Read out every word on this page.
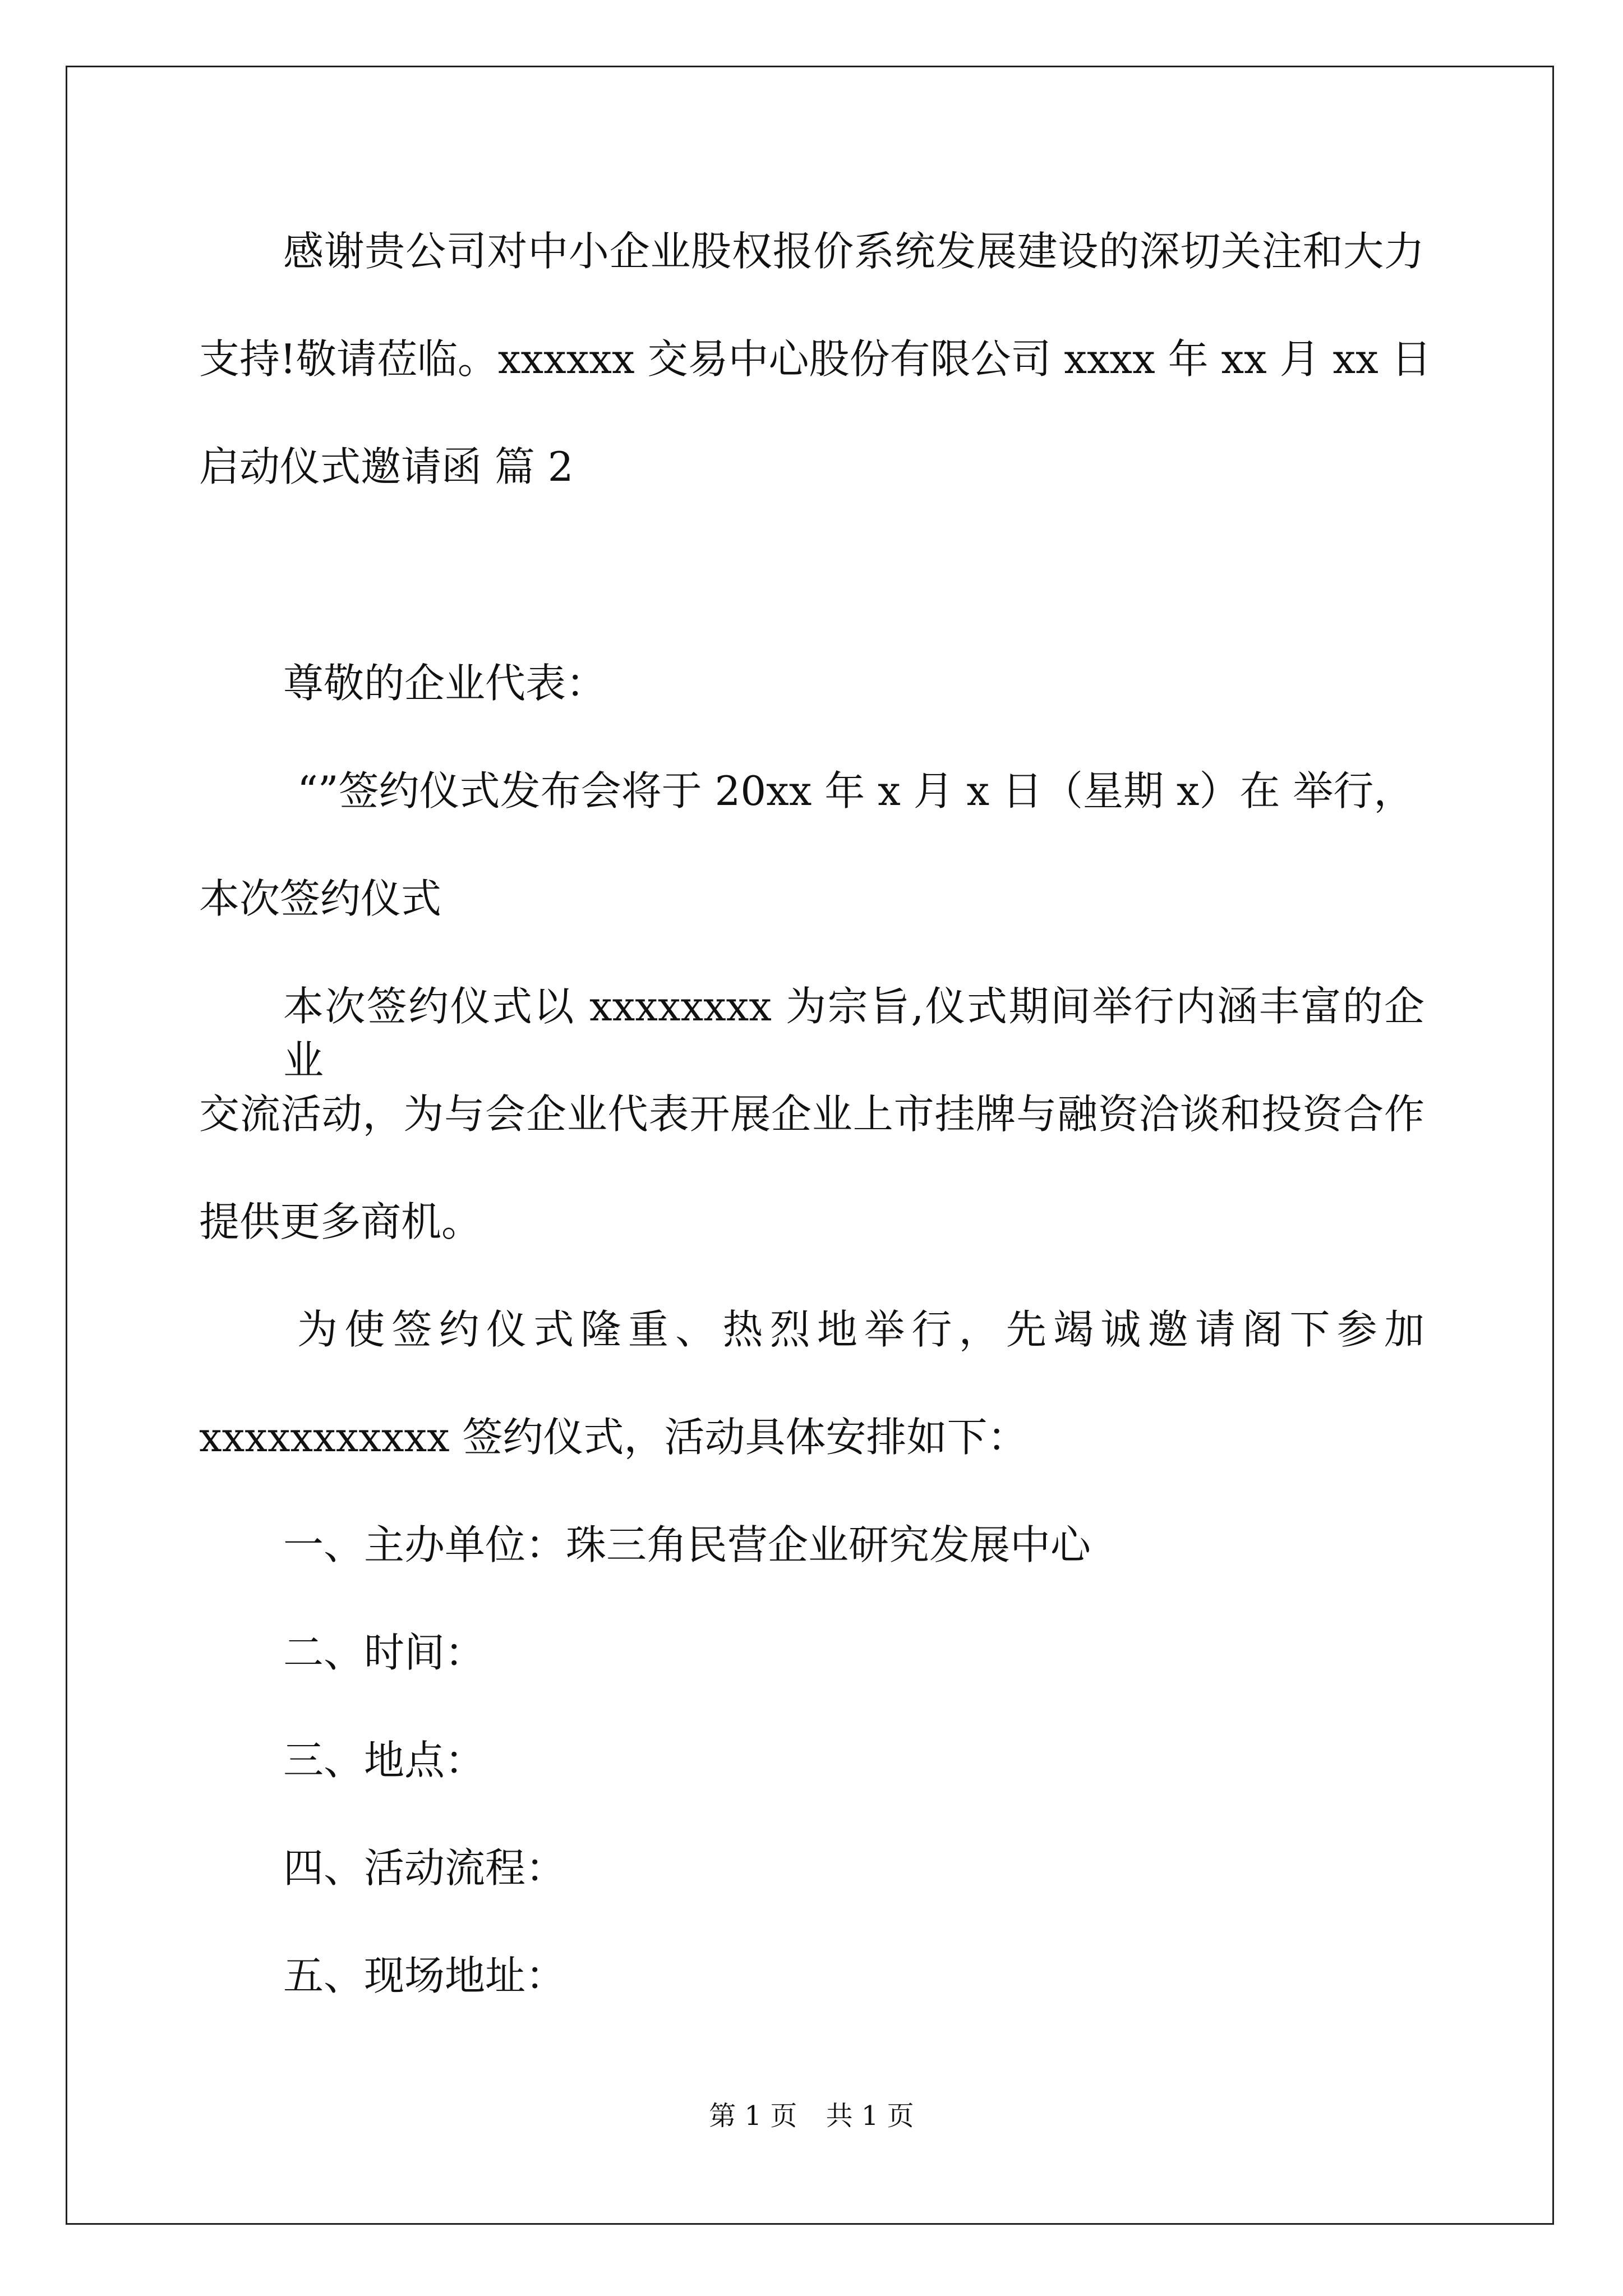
感谢贵公司对中小企业股权报价系统发展建设的深切关注和大力
支持!敬请莅临。xxxxxx 交易中心股份有限公司 xxxx 年 xx 月 xx 日
启动仪式邀请函 篇 2
尊敬的企业代表：
“”签约仪式发布会将于 20xx 年 x 月 x 日（星期 x）在 举行，
本次签约仪式
本次签约仪式以 xxxxxxxx 为宗旨,仪式期间举行内涵丰富的企业
交流活动，为与会企业代表开展企业上市挂牌与融资洽谈和投资合作
提供更多商机。
为使签约仪式隆重、热烈地举行，先竭诚邀请阁下参加
xxxxxxxxxxx 签约仪式，活动具体安排如下：
一、主办单位：珠三角民营企业研究发展中心
二、时间：
三、地点：
四、活动流程：
五、现场地址：
第 1 页 共 1 页
